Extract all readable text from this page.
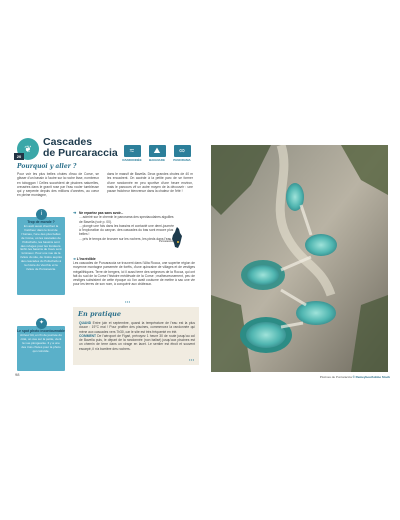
❦
20
Cascades
de Purcaraccia	≈
RANDONNÉE
⛰
BAIGNADE
∞
PANORAMA
Pourquoi y aller ?
Pour voir les plus belles chutes d'eau de Corse, se glisser d'un bassin à l'autre sur la roche lisse, nombreux en toboggan ! Celles succèdent de piscines naturelles, creusées dans le granit rose par l'eau rouler tumbleuse qui y serpente depuis des millions d'années, au cœur en pleine montagne,
dans le massif de Bavella. Deux grandes chutes de 40 m les encadrent. On accède à la petite parc de se former d'une randonnée en peu sportive d'une heure environ, mais le parcours vif un autre moyen de la découvrir : une pause fraîcheur bienvenue dans la chaleur de l'été !
i
Trop de monde ?
En août aussi cherchez la fraîcheur dans le fond de l'Asinau, l'une des plus belles de Corse, où les cascades de Polischellu, les bassins sont des refuges pour les fondeurs. Enfin les bassins de Cavu sont lumineux. Pour une vue de la rivière du site, de rivière auprès des cascades du Polischellu à la rivière du Vecchiu et la rivière de Purcaraccia.
✦
Le spot photo incontournable
Arrivez tôt, en fin de journée du côté, on vue sur la petite, vient la vue plongeante. Il y a une des trois chutes pour la photo qui coïncide.
➜ Ne repartez pas sans avoir...
... admiré sur le chemin le panorama des spectaculaires aiguilles de Bavella (voir p. 00).
... plongé une fois dans les bassins et contacté une demi-journée à l'exploration du canyon. des cascades du bas sont encore plus belles !
... pris le temps de bronzer sur les rochers, les pieds dans l'eau.
Purcaraccia
➜ L'incrédible
Les cascades de Purcaraccia se trouvent dans l'Alta Rocca, une superbe région de moyenne montagne parsemée de forêts, d'une quinzaine de villages et de vestiges mégalithiques. Terre de bergers, ici il aussi terre des seigneurs de la Rocca, qui ont fait du sud de la Corse l'histoire médiévale de la Corse ; malheureusement, peu de vestiges subsistent de cette époque où l'on avait coutume de mettre à sac une vie pour les terres de son nom, à conquérir aux châteaux.
•••
En pratique
QUAND Entre juin et septembre, quand la température de l'eau est la plus douce : 19°C mai ! Pour profiter des piscines, commencez la randonnée qui mène aux cascades vers 7h30, car le site est très fréquenté en été.
COMMENT De l'aéroport de Figari, prévoyez 1 heure 30 de route jusqu'au col de Bavella puis, le départ de la randonnée (non balisé) jusqu'aux piscines est un chemin de terre dans un virage en lacet. Le sentier est étroit et souvent escarpé, il n'a barrière des rochers.
•••
98	Piscines de Purcaraccia © Remeybeu/Adobe Stock
